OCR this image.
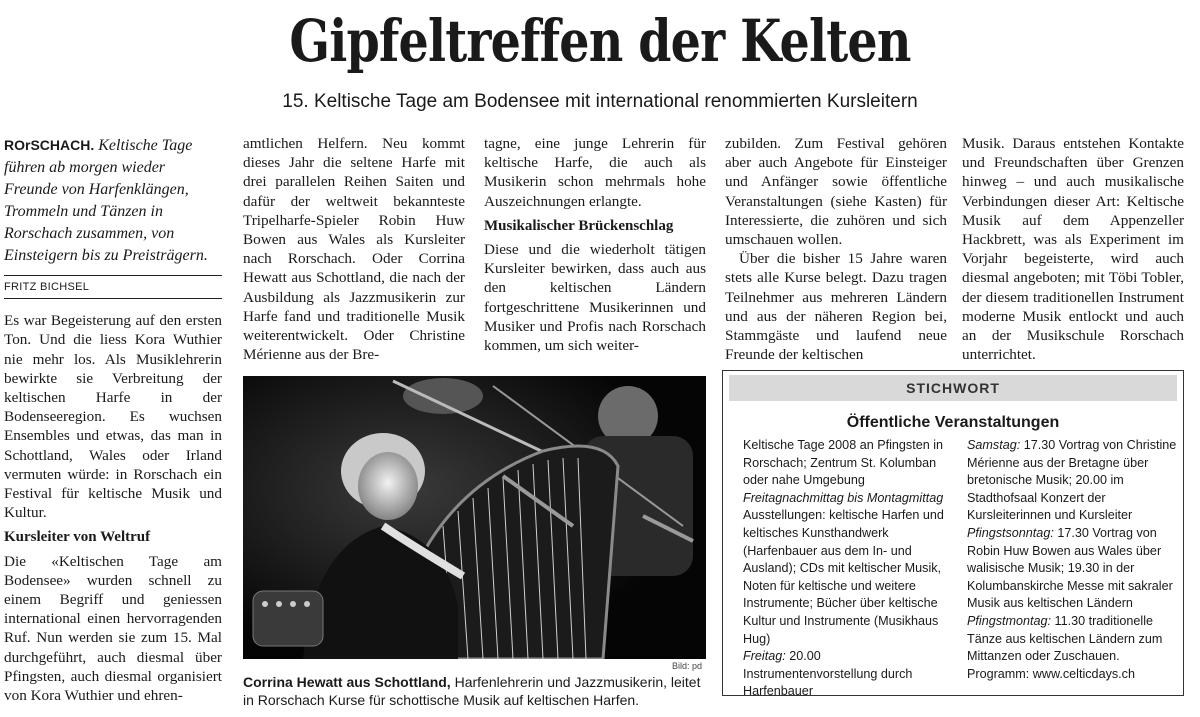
Gipfeltreffen der Kelten
15. Keltische Tage am Bodensee mit international renommierten Kursleitern

ROrSCHACH. Keltische Tage führen ab morgen wieder Freunde von Harfenklängen, Trommeln und Tänzen in Rorschach zusammen, von Einsteigern bis zu Preisträgern.

FRITZ BICHSEL

Es war Begeisterung auf den ersten Ton. Und die liess Kora Wuthier nie mehr los. Als Musiklehrerin bewirkte sie Verbreitung der keltischen Harfe in der Bodenseeregion. Es wuchsen Ensembles und etwas, das man in Schottland, Wales oder Irland vermuten würde: in Rorschach ein Festival für keltische Musik und Kultur.

Kursleiter von Weltruf

Die «Keltischen Tage am Bodensee» wurden schnell zu einem Begriff und geniessen international einen hervorragenden Ruf. Nun werden sie zum 15. Mal durchgeführt, auch diesmal über Pfingsten, auch diesmal organisiert von Kora Wuthier und ehren-

amtlichen Helfern. Neu kommt dieses Jahr die seltene Harfe mit drei parallelen Reihen Saiten und dafür der weltweit bekannteste Tripelharfe-Spieler Robin Huw Bowen aus Wales als Kursleiter nach Rorschach. Oder Corrina Hewatt aus Schottland, die nach der Ausbildung als Jazzmusikerin zur Harfe fand und traditionelle Musik weiterentwickelt. Oder Christine Mérienne aus der Bre-

tagne, eine junge Lehrerin für keltische Harfe, die auch als Musikerin schon mehrmals hohe Auszeichnungen erlangte.

Musikalischer Brückenschlag

Diese und die wiederholt tätigen Kursleiter bewirken, dass auch aus den keltischen Ländern fortgeschrittene Musikerinnen und Musiker und Profis nach Rorschach kommen, um sich weiter-

zubilden. Zum Festival gehören aber auch Angebote für Einsteiger und Anfänger sowie öffentliche Veranstaltungen (siehe Kasten) für Interessierte, die zuhören und sich umschauen wollen.

Über die bisher 15 Jahre waren stets alle Kurse belegt. Dazu tragen Teilnehmer aus mehreren Ländern und aus der näheren Region bei, Stammgäste und laufend neue Freunde der keltischen

Musik. Daraus entstehen Kontakte und Freundschaften über Grenzen hinweg – und auch musikalische Verbindungen dieser Art: Keltische Musik auf dem Appenzeller Hackbrett, was als Experiment im Vorjahr begeisterte, wird auch diesmal angeboten; mit Töbi Tobler, der diesem traditionellen Instrument moderne Musik entlockt und auch an der Musikschule Rorschach unterrichtet.

Bild: pd
Corrina Hewatt aus Schottland, Harfenlehrerin und Jazzmusikerin, leitet in Rorschach Kurse für schottische Musik auf keltischen Harfen.
STICHWORT
Öffentliche Veranstaltungen
Keltische Tage 2008 an Pfingsten in Rorschach; Zentrum St. Kolumban oder nahe Umgebung
Freitagnachmittag bis Montagmittag Ausstellungen: keltische Harfen und keltisches Kunsthandwerk (Harfenbauer aus dem In- und Ausland); CDs mit keltischer Musik, Noten für keltische und weitere Instrumente; Bücher über keltische Kultur und Instrumente (Musikhaus Hug)
Freitag: 20.00 Instrumentenvorstellung durch Harfenbauer
Samstag: 17.30 Vortrag von Christine Mérienne aus der Bretagne über bretonische Musik; 20.00 im Stadthofsaal Konzert der Kursleiterinnen und Kursleiter
Pfingstsonntag: 17.30 Vortrag von Robin Huw Bowen aus Wales über walisische Musik; 19.30 in der Kolumbanskirche Messe mit sakraler Musik aus keltischen Ländern
Pfingstmontag: 11.30 traditionelle Tänze aus keltischen Ländern zum Mittanzen oder Zuschauen.
Programm: www.celticdays.ch
